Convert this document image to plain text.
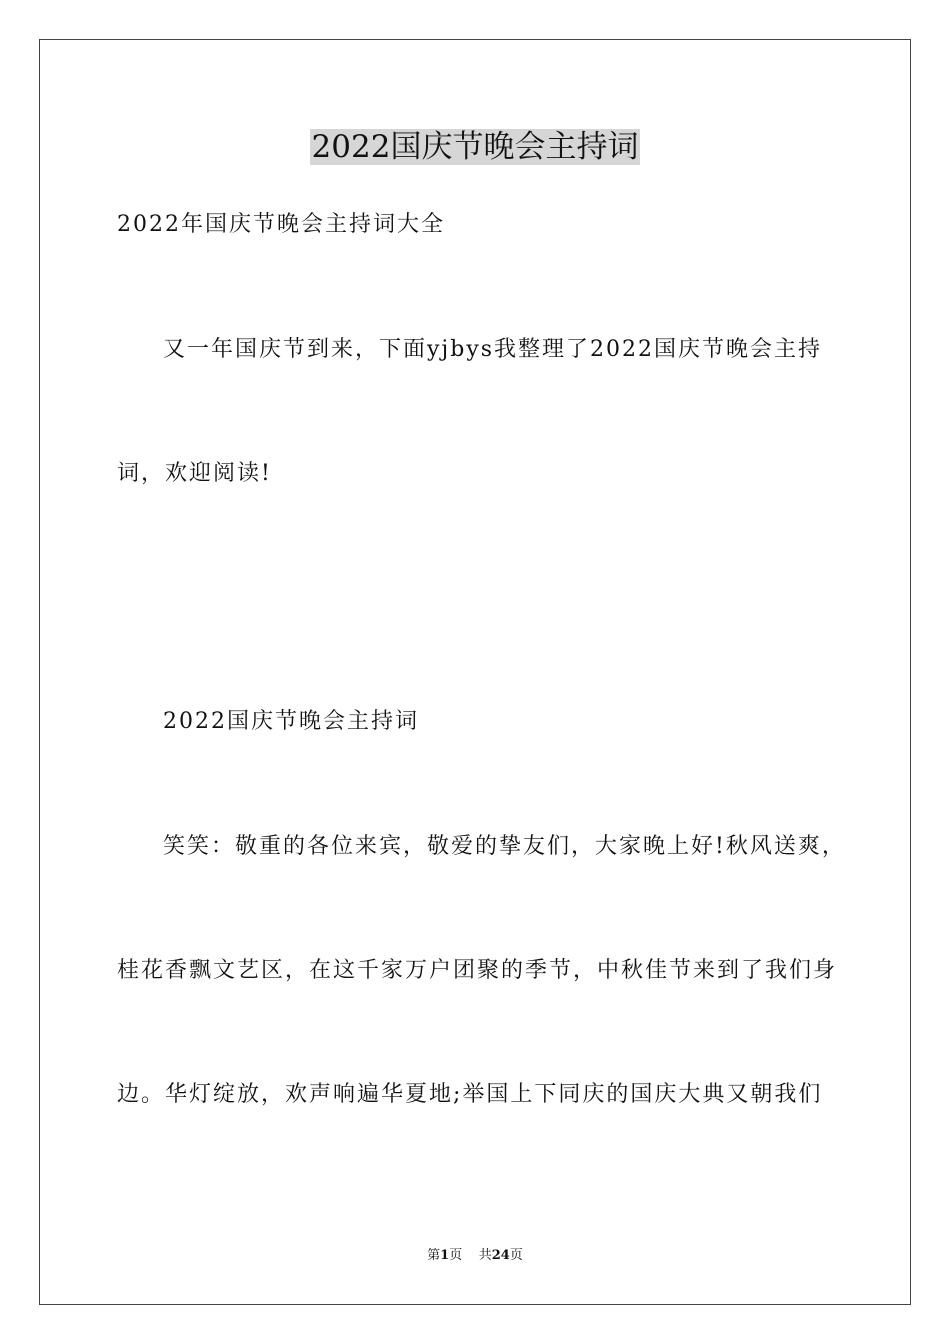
2022国庆节晚会主持词
2022年国庆节晚会主持词大全
又一年国庆节到来，下面yjbys我整理了2022国庆节晚会主持
词，欢迎阅读!
2022国庆节晚会主持词
笑笑：敬重的各位来宾，敬爱的挚友们，大家晚上好!秋风送爽，
桂花香飘文艺区，在这千家万户团聚的季节，中秋佳节来到了我们身
边。华灯绽放，欢声响遍华夏地;举国上下同庆的国庆大典又朝我们
第1页    共24页
